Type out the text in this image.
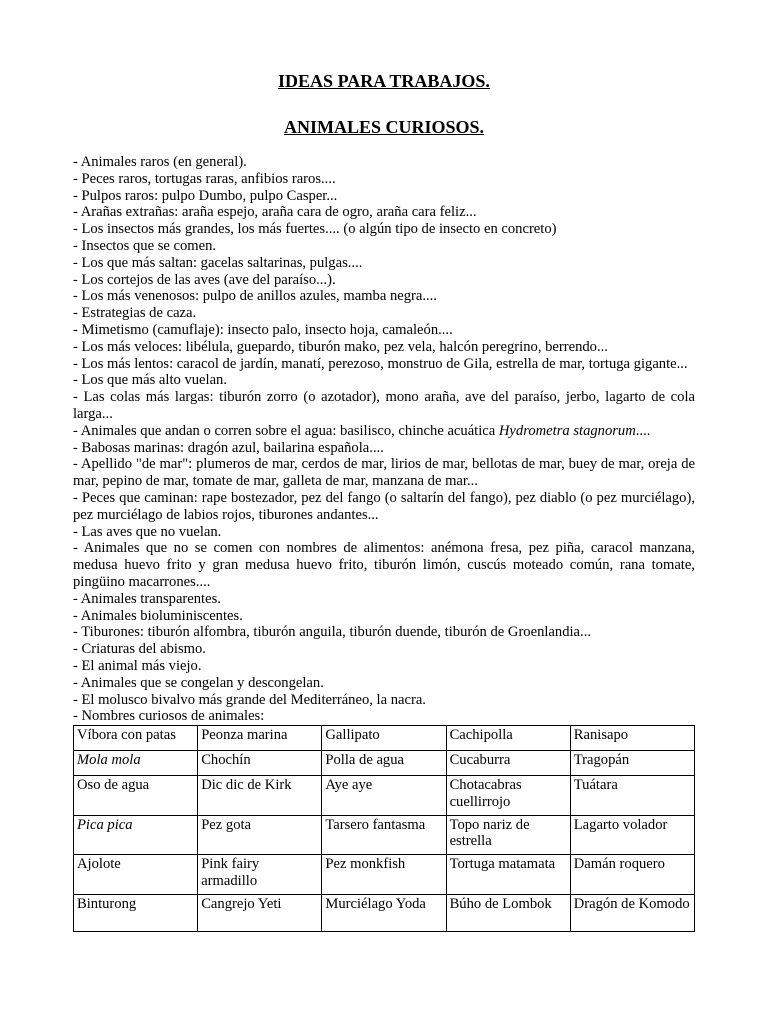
IDEAS PARA TRABAJOS.
ANIMALES CURIOSOS.
- Animales raros (en general).
- Peces raros, tortugas raras, anfibios raros....
- Pulpos raros: pulpo Dumbo, pulpo Casper...
- Arañas extrañas: araña espejo, araña cara de ogro, araña cara feliz...
- Los insectos más grandes, los más fuertes.... (o algún tipo de insecto en concreto)
- Insectos que se comen.
- Los que más saltan: gacelas saltarinas, pulgas....
- Los cortejos de las aves (ave del paraíso...).
- Los más venenosos: pulpo de anillos azules, mamba negra....
- Estrategias de caza.
- Mimetismo (camuflaje): insecto palo, insecto hoja, camaleón....
- Los más veloces: libélula, guepardo, tiburón mako, pez vela, halcón peregrino, berrendo...
- Los más lentos: caracol de jardín, manatí, perezoso, monstruo de Gila, estrella de mar, tortuga gigante...
- Los que más alto vuelan.
- Las colas más largas: tiburón zorro (o azotador), mono araña, ave del paraíso, jerbo, lagarto de cola larga...
- Animales que andan o corren sobre el agua: basilisco, chinche acuática Hydrometra stagnorum....
- Babosas marinas: dragón azul, bailarina española....
- Apellido "de mar": plumeros de mar, cerdos de mar, lirios de mar, bellotas de mar, buey de mar, oreja de mar, pepino de mar, tomate de mar, galleta de mar, manzana de mar...
- Peces que caminan: rape bostezador, pez del fango (o saltarín del fango), pez diablo (o pez murciélago), pez murciélago de labios rojos, tiburones andantes...
- Las aves que no vuelan.
- Animales que no se comen con nombres de alimentos: anémona fresa, pez piña, caracol manzana, medusa huevo frito y gran medusa huevo frito, tiburón limón, cuscús moteado común, rana tomate, pingüino macarrones....
- Animales transparentes.
- Animales bioluminiscentes.
- Tiburones: tiburón alfombra, tiburón anguila, tiburón duende, tiburón de Groenlandia...
- Criaturas del abismo.
- El animal más viejo.
- Animales que se congelan y descongelan.
- El molusco bivalvo más grande del Mediterráneo, la nacra.
- Nombres curiosos de animales:
Víbora con patas	Peonza marina	Gallipato	Cachipolla	Ranisapo
Mola mola	Chochín	Polla de agua	Cucaburra	Tragopán
Oso de agua	Dic dic de Kirk	Aye aye	Chotacabras cuellirrojo	Tuátara
Pica pica	Pez gota	Tarsero fantasma	Topo nariz de estrella	Lagarto volador
Ajolote	Pink fairy armadillo	Pez monkfish	Tortuga matamata	Damán roquero
Binturong	Cangrejo Yeti	Murciélago Yoda	Búho de Lombok	Dragón de Komodo
